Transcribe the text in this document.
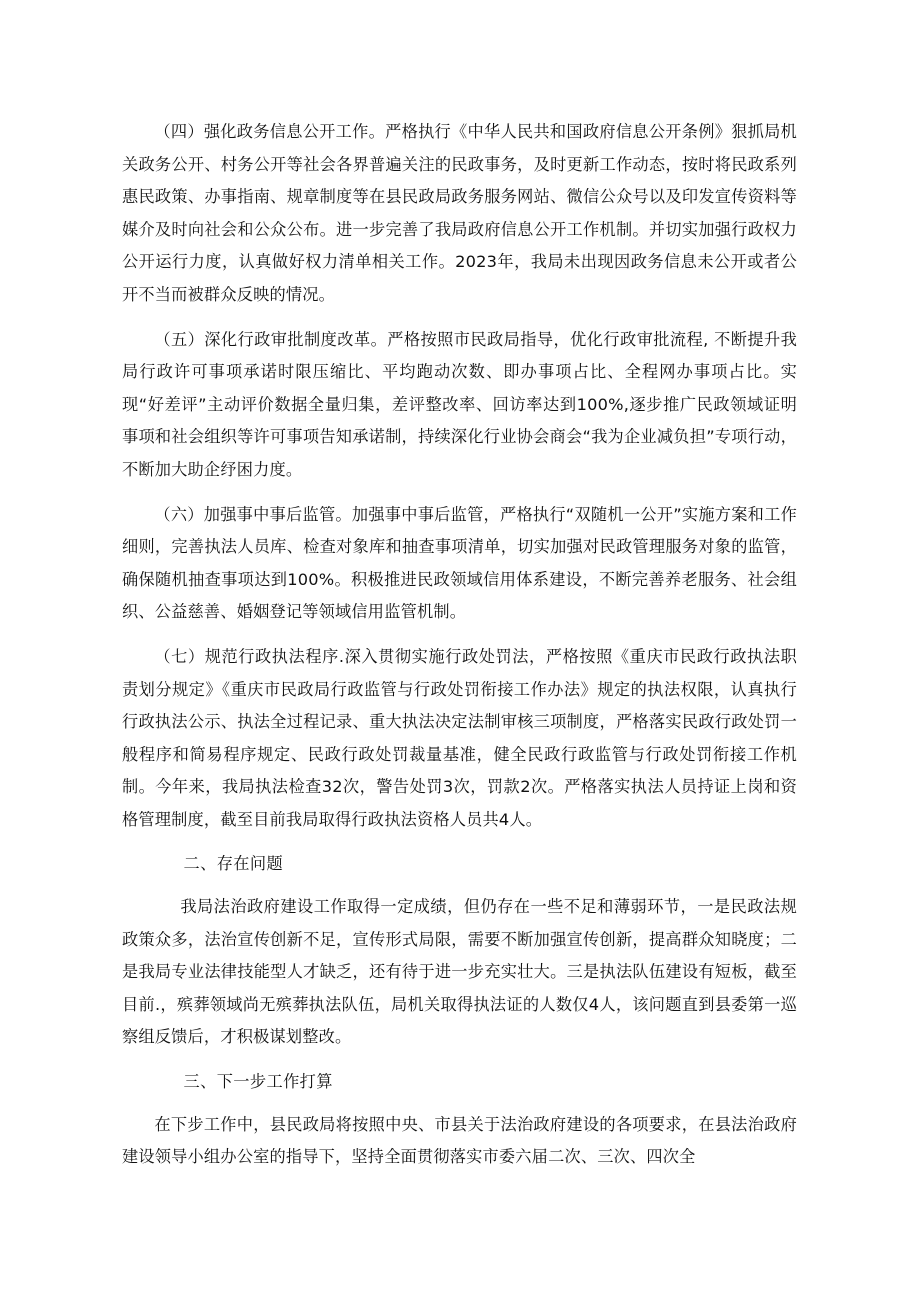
（四）强化政务信息公开工作。严格执行《中华人民共和国政府信息公开条例》狠抓局机关政务公开、村务公开等社会各界普遍关注的民政事务，及时更新工作动态，按时将民政系列惠民政策、办事指南、规章制度等在县民政局政务服务网站、微信公众号以及印发宣传资料等媒介及时向社会和公众公布。进一步完善了我局政府信息公开工作机制。并切实加强行政权力公开运行力度，认真做好权力清单相关工作。2023年，我局未出现因政务信息未公开或者公开不当而被群众反映的情况。

（五）深化行政审批制度改革。严格按照市民政局指导，优化行政审批流程, 不断提升我局行政许可事项承诺时限压缩比、平均跑动次数、即办事项占比、全程网办事项占比。实现“好差评”主动评价数据全量归集，差评整改率、回访率达到100%,逐步推广民政领域证明事项和社会组织等许可事项告知承诺制，持续深化行业协会商会“我为企业减负担”专项行动，不断加大助企纾困力度。

（六）加强事中事后监管。加强事中事后监管，严格执行“双随机一公开”实施方案和工作细则，完善执法人员库、检查对象库和抽查事项清单，切实加强对民政管理服务对象的监管，确保随机抽查事项达到100%。积极推进民政领域信用体系建设，不断完善养老服务、社会组织、公益慈善、婚姻登记等领域信用监管机制。

（七）规范行政执法程序.深入贯彻实施行政处罚法，严格按照《重庆市民政行政执法职责划分规定》《重庆市民政局行政监管与行政处罚衔接工作办法》规定的执法权限，认真执行行政执法公示、执法全过程记录、重大执法决定法制审核三项制度，严格落实民政行政处罚一般程序和简易程序规定、民政行政处罚裁量基准，健全民政行政监管与行政处罚衔接工作机制。今年来，我局执法检查32次，警告处罚3次，罚款2次。严格落实执法人员持证上岗和资格管理制度，截至目前我局取得行政执法资格人员共4人。

二、存在问题

我局法治政府建设工作取得一定成绩，但仍存在一些不足和薄弱环节，一是民政法规政策众多，法治宣传创新不足，宣传形式局限，需要不断加强宣传创新，提高群众知晓度；二是我局专业法律技能型人才缺乏，还有待于进一步充实壮大。三是执法队伍建设有短板，截至目前.，殡葬领域尚无殡葬执法队伍，局机关取得执法证的人数仅4人，该问题直到县委第一巡察组反馈后，才积极谋划整改。

三、下一步工作打算

在下步工作中，县民政局将按照中央、市县关于法治政府建设的各项要求，在县法治政府建设领导小组办公室的指导下，坚持全面贯彻落实市委六届二次、三次、四次全
